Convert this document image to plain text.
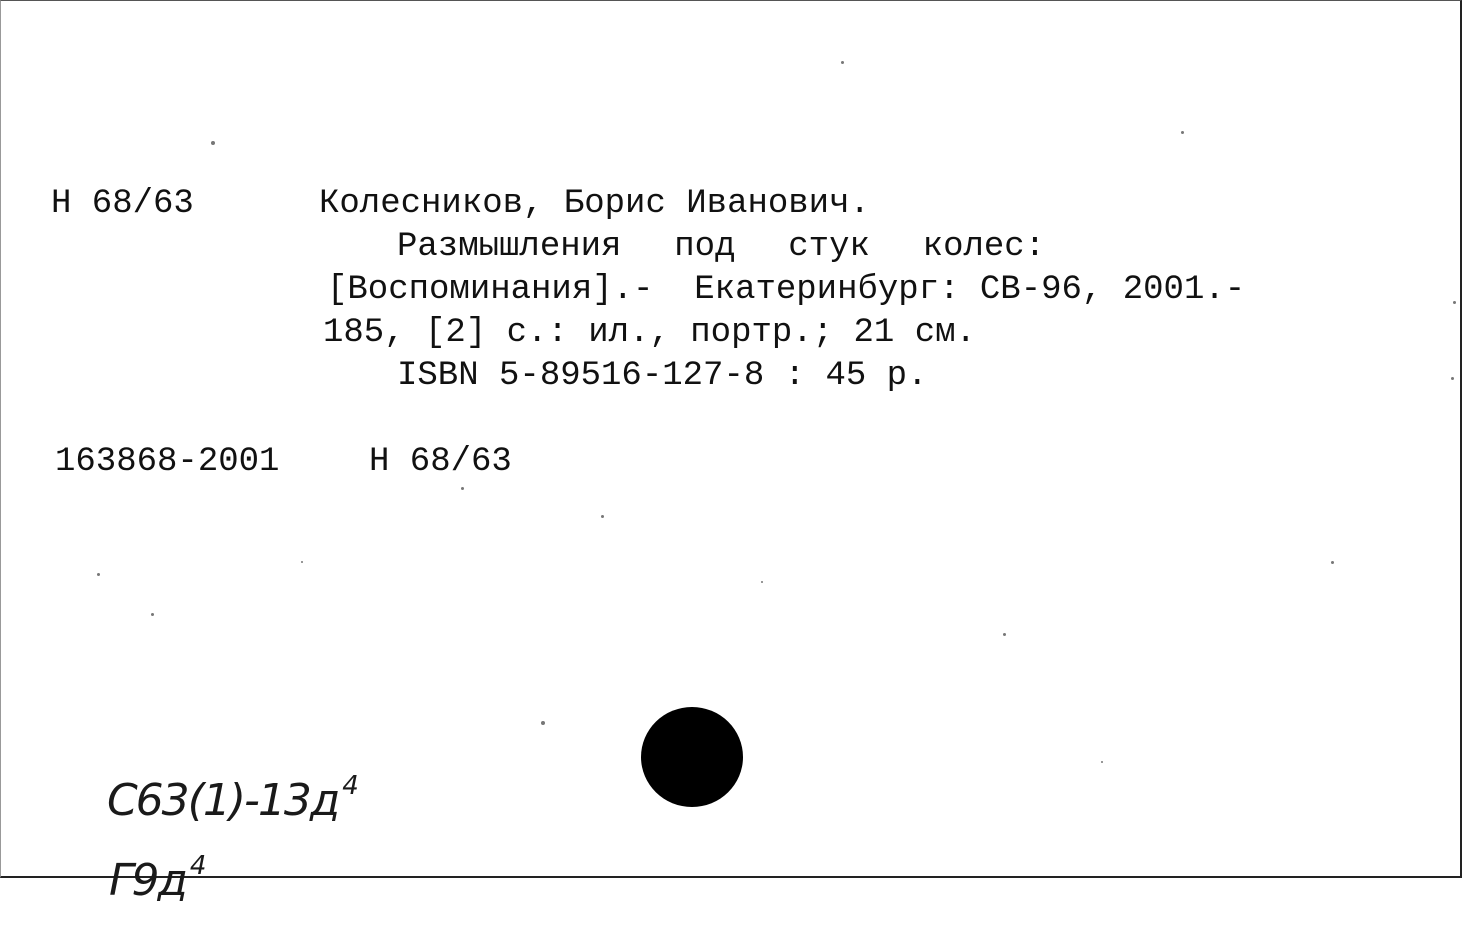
Н 68/63	Колесников, Борис Иванович.
Размышления  под  стук  колес:
[Воспоминания].-  Екатеринбург: СВ-96, 2001.-
185, [2] с.: ил., портр.; 21 см.
ISBN 5-89516-127-8 : 45 р.
163868-2001	Н 68/63

С63(1)-13д $^4$

Г9д $^4$
